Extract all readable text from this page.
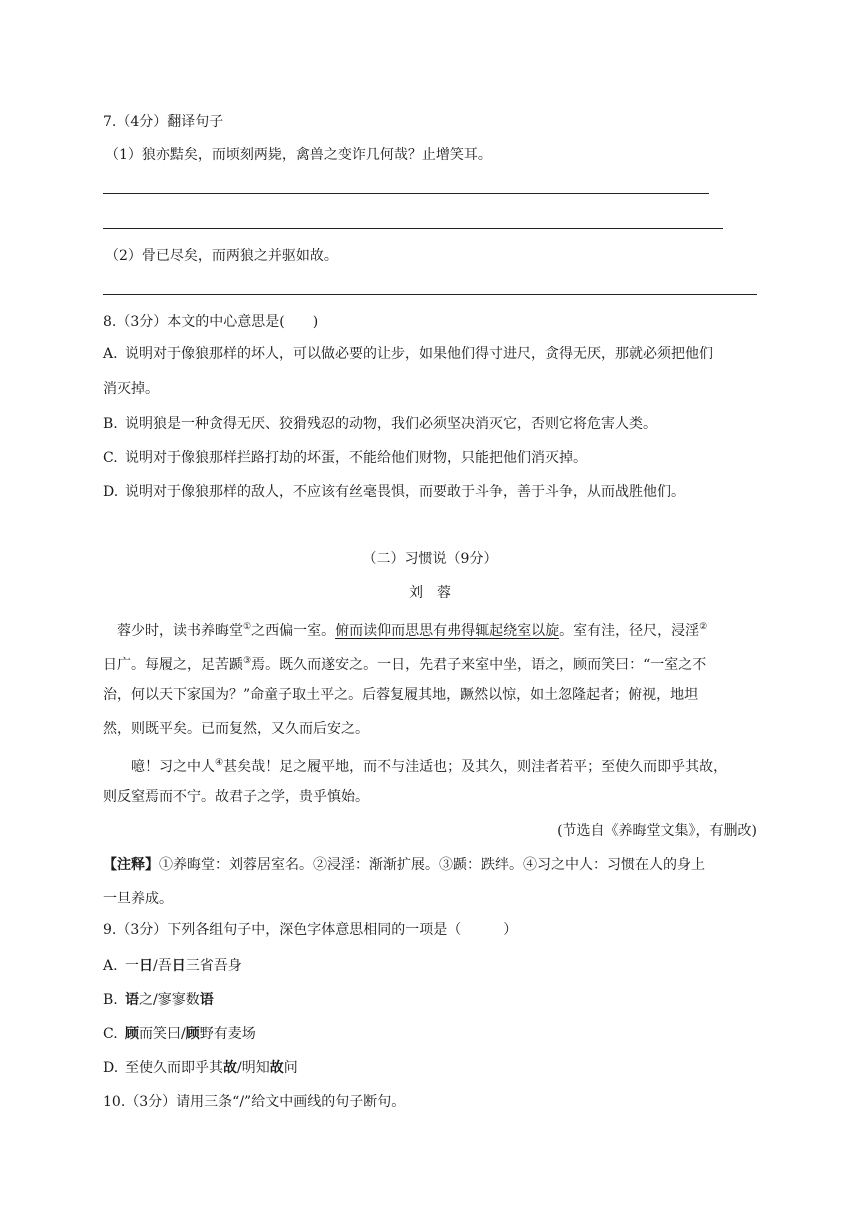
7.（4分）翻译句子
（1）狼亦黠矣，而顷刻两毙，禽兽之变诈几何哉？止增笑耳。
（2）骨已尽矣，而两狼之并驱如故。
8.（3分）本文的中心意思是(　　)
A. 说明对于像狼那样的坏人，可以做必要的让步，如果他们得寸进尺，贪得无厌，那就必须把他们
消灭掉。
B. 说明狼是一种贪得无厌、狡猾残忍的动物，我们必须坚决消灭它，否则它将危害人类。
C. 说明对于像狼那样拦路打劫的坏蛋，不能给他们财物，只能把他们消灭掉。
D. 说明对于像狼那样的敌人，不应该有丝毫畏惧，而要敢于斗争，善于斗争，从而战胜他们。
（二）习惯说（9分）
刘　蓉
蓉少时，读书养晦堂①之西偏一室。俯而读仰而思思有弗得辄起绕室以旋。室有洼，径尺，浸淫②
日广。每履之，足苦踬③焉。既久而遂安之。一日，先君子来室中坐，语之，顾而笑曰：“一室之不
治，何以天下家国为？”命童子取土平之。后蓉复履其地，蹶然以惊，如土忽隆起者；俯视，地坦
然，则既平矣。已而复然，又久而后安之。
噫！习之中人④甚矣哉！足之履平地，而不与洼适也；及其久，则洼者若平；至使久而即乎其故，
则反窒焉而不宁。故君子之学，贵乎慎始。
(节选自《养晦堂文集》，有删改)
【注释】①养晦堂：刘蓉居室名。②浸淫：渐渐扩展。③踬：跌绊。④习之中人：习惯在人的身上
一旦养成。
9.（3分）下列各组句子中，深色字体意思相同的一项是（　　　）
A. 一日/吾日三省吾身
B. 语之/寥寥数语
C. 顾而笑曰/顾野有麦场
D. 至使久而即乎其故/明知故问
10.（3分）请用三条“/”给文中画线的句子断句。
